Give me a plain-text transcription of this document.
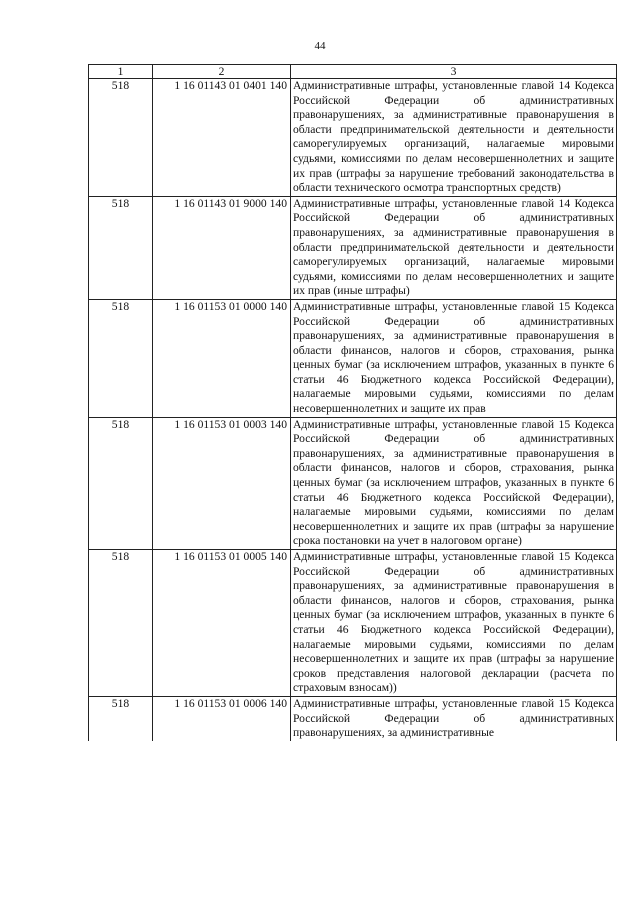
44
1	2	3
518	1 16 01143 01 0401 140	Административные штрафы, установленные главой 14 Кодекса Российской Федерации об административных правонарушениях, за административные правонарушения в области предпринимательской деятельности и деятельности саморегулируемых организаций, налагаемые мировыми судьями, комиссиями по делам несовершеннолетних и защите их прав (штрафы за нарушение требований законодательства в области технического осмотра транспортных средств)
518	1 16 01143 01 9000 140	Административные штрафы, установленные главой 14 Кодекса Российской Федерации об административных правонарушениях, за административные правонарушения в области предпринимательской деятельности и деятельности саморегулируемых организаций, налагаемые мировыми судьями, комиссиями по делам несовершеннолетних и защите их прав (иные штрафы)
518	1 16 01153 01 0000 140	Административные штрафы, установленные главой 15 Кодекса Российской Федерации об административных правонарушениях, за административные правонарушения в области финансов, налогов и сборов, страхования, рынка ценных бумаг (за исключением штрафов, указанных в пункте 6 статьи 46 Бюджетного кодекса Российской Федерации), налагаемые мировыми судьями, комиссиями по делам несовершеннолетних и защите их прав
518	1 16 01153 01 0003 140	Административные штрафы, установленные главой 15 Кодекса Российской Федерации об административных правонарушениях, за административные правонарушения в области финансов, налогов и сборов, страхования, рынка ценных бумаг (за исключением штрафов, указанных в пункте 6 статьи 46 Бюджетного кодекса Российской Федерации), налагаемые мировыми судьями, комиссиями по делам несовершеннолетних и защите их прав (штрафы за нарушение срока постановки на учет в налоговом органе)
518	1 16 01153 01 0005 140	Административные штрафы, установленные главой 15 Кодекса Российской Федерации об административных правонарушениях, за административные правонарушения в области финансов, налогов и сборов, страхования, рынка ценных бумаг (за исключением штрафов, указанных в пункте 6 статьи 46 Бюджетного кодекса Российской Федерации), налагаемые мировыми судьями, комиссиями по делам несовершеннолетних и защите их прав (штрафы за нарушение сроков представления налоговой декларации (расчета по страховым взносам))
518	1 16 01153 01 0006 140	Административные штрафы, установленные главой 15 Кодекса Российской Федерации об административных правонарушениях, за административные
